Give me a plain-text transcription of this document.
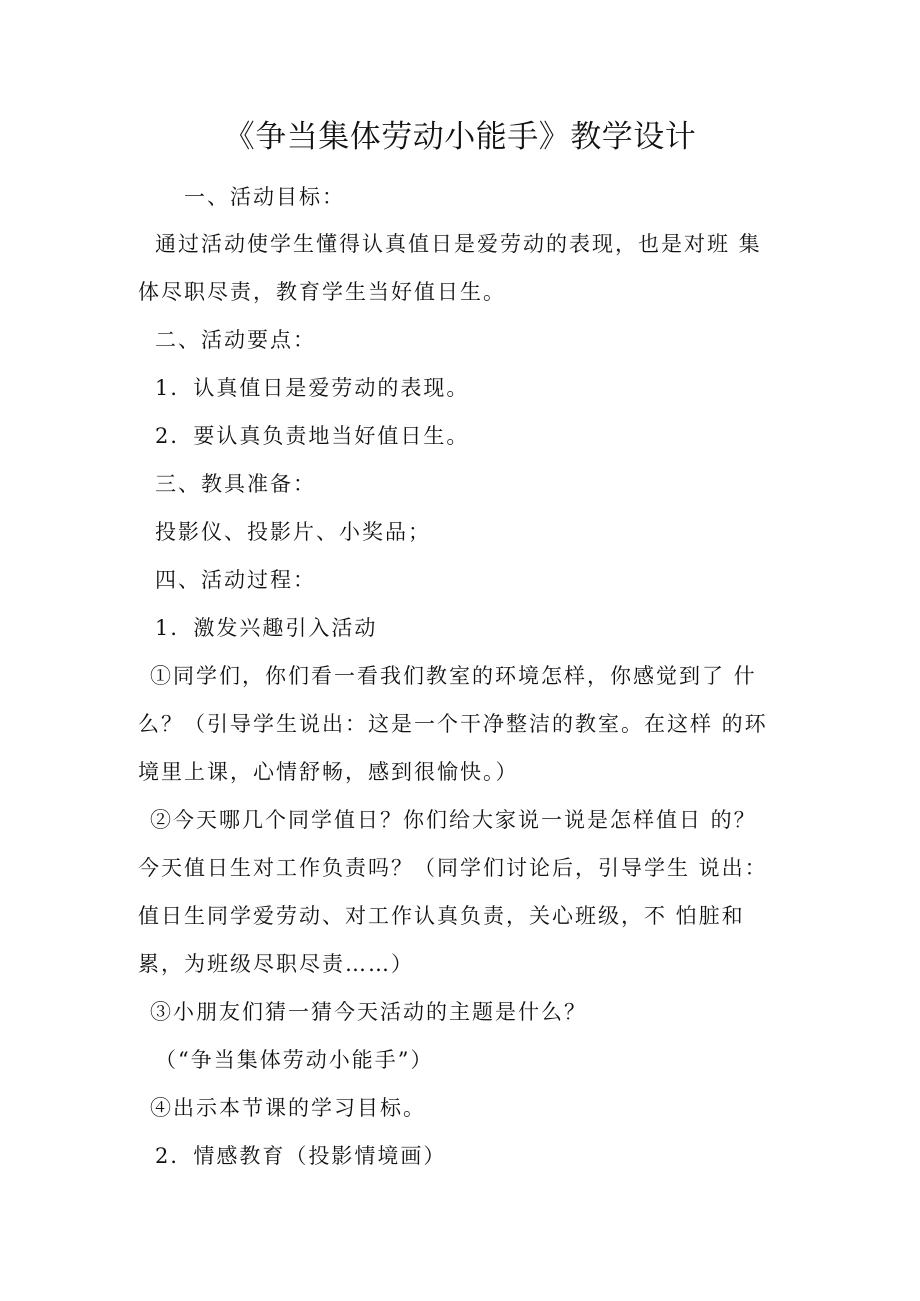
《争当集体劳动小能手》教学设计
一、活动目标：
通过活动使学生懂得认真值日是爱劳动的表现，也是对班 集
体尽职尽责，教育学生当好值日生。
二、活动要点：
1．认真值日是爱劳动的表现。
2．要认真负责地当好值日生。
三、教具准备：
投影仪、投影片、小奖品；
四、活动过程：
1．激发兴趣引入活动
①同学们，你们看一看我们教室的环境怎样，你感觉到了 什
么？（引导学生说出：这是一个干净整洁的教室。在这样 的环
境里上课，心情舒畅，感到很愉快。）
②今天哪几个同学值日？你们给大家说一说是怎样值日 的？
今天值日生对工作负责吗？（同学们讨论后，引导学生 说出：
值日生同学爱劳动、对工作认真负责，关心班级，不 怕脏和
累，为班级尽职尽责……）
③小朋友们猜一猜今天活动的主题是什么？
（“争当集体劳动小能手”）
④出示本节课的学习目标。
2．情感教育（投影情境画）
